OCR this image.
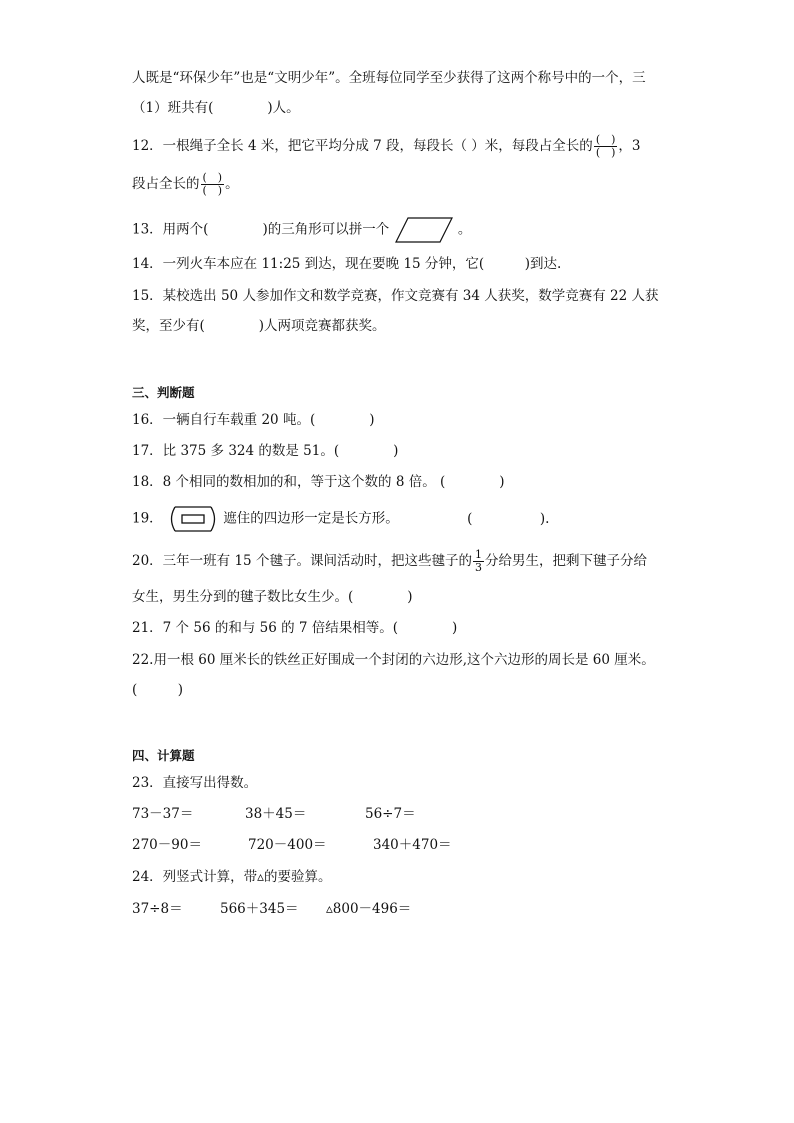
人既是“环保少年”也是“文明少年”。全班每位同学至少获得了这两个称号中的一个，三
（1）班共有(　　　　)人。
12．一根绳子全长 4 米，把它平均分成 7 段，每段长（ ）米，每段占全长的 $\frac{( )}{( )}$ ，3
段占全长的 $\frac{( )}{( )}$ 。
13．用两个(　　　　)的三角形可以拼一个	。
14．一列火车本应在 11:25 到达，现在要晚 15 分钟，它(　　　)到达.
15．某校选出 50 人参加作文和数学竞赛，作文竞赛有 34 人获奖，数学竞赛有 22 人获
奖，至少有(　　　　)人两项竞赛都获奖。
三、判断题
16．一辆自行车载重 20 吨。(　　　　)
17．比 375 多 324 的数是 51。(　　　　)
18．8 个相同的数相加的和，等于这个数的 8 倍。 (　　　　)
19．	遮住的四边形一定是长方形。	(　　　　　).
20．三年一班有 15 个毽子。课间活动时，把这些毽子的 $\frac{1}{3}$ 分给男生，把剩下毽子分给
女生，男生分到的毽子数比女生少。(　　　　)
21．7 个 56 的和与 56 的 7 倍结果相等。(　　　　)
22.用一根 60 厘米长的铁丝正好围成一个封闭的六边形,这个六边形的周长是 60 厘米。
(　　　)
四、计算题
23．直接写出得数。
73－37＝	38＋45＝	56÷7＝
270－90＝	720－400＝	340＋470＝
24．列竖式计算，带▵的要验算。
37÷8＝	566＋345＝ ▵800－496＝
